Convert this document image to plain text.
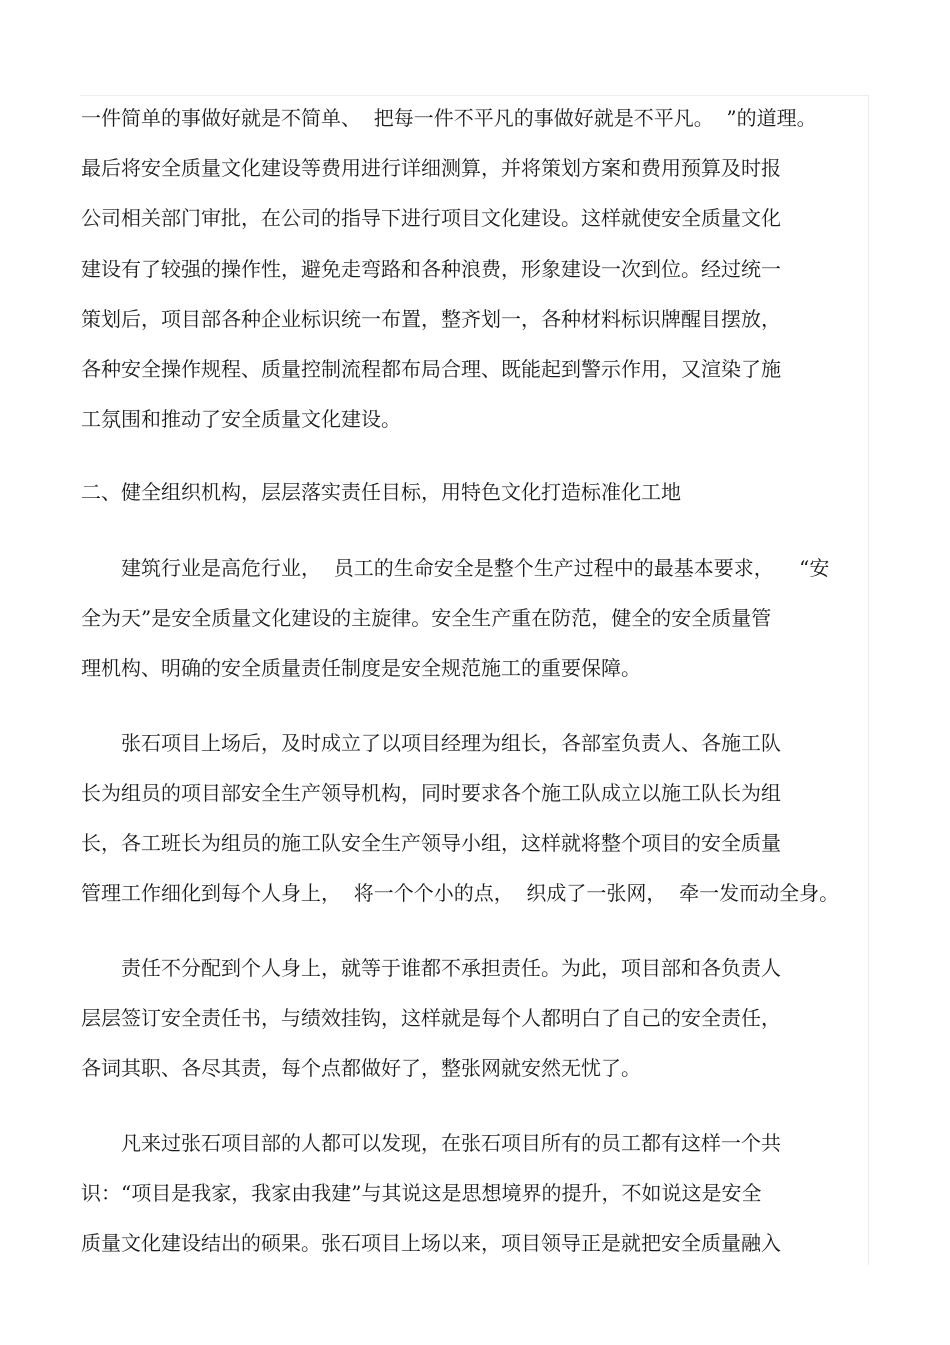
一件简单的事做好就是不简单、  把每一件不平凡的事做好就是不平凡。  ”的道理。
最后将安全质量文化建设等费用进行详细测算，并将策划方案和费用预算及时报
公司相关部门审批，在公司的指导下进行项目文化建设。这样就使安全质量文化
建设有了较强的操作性，避免走弯路和各种浪费，形象建设一次到位。经过统一
策划后，项目部各种企业标识统一布置，整齐划一，各种材料标识牌醒目摆放，
各种安全操作规程、质量控制流程都布局合理、既能起到警示作用，又渲染了施
工氛围和推动了安全质量文化建设。
二、健全组织机构，层层落实责任目标，用特色文化打造标准化工地
建筑行业是高危行业，  员工的生命安全是整个生产过程中的最基本要求，    “安
全为天”是安全质量文化建设的主旋律。安全生产重在防范，健全的安全质量管
理机构、明确的安全质量责任制度是安全规范施工的重要保障。
张石项目上场后，及时成立了以项目经理为组长，各部室负责人、各施工队
长为组员的项目部安全生产领导机构，同时要求各个施工队成立以施工队长为组
长，各工班长为组员的施工队安全生产领导小组，这样就将整个项目的安全质量
管理工作细化到每个人身上，  将一个个小的点，  织成了一张网，  牵一发而动全身。
责任不分配到个人身上，就等于谁都不承担责任。为此，项目部和各负责人
层层签订安全责任书，与绩效挂钩，这样就是每个人都明白了自己的安全责任，
各词其职、各尽其责，每个点都做好了，整张网就安然无忧了。
凡来过张石项目部的人都可以发现，在张石项目所有的员工都有这样一个共
识：“项目是我家，我家由我建”与其说这是思想境界的提升，不如说这是安全
质量文化建设结出的硕果。张石项目上场以来，项目领导正是就把安全质量融入
